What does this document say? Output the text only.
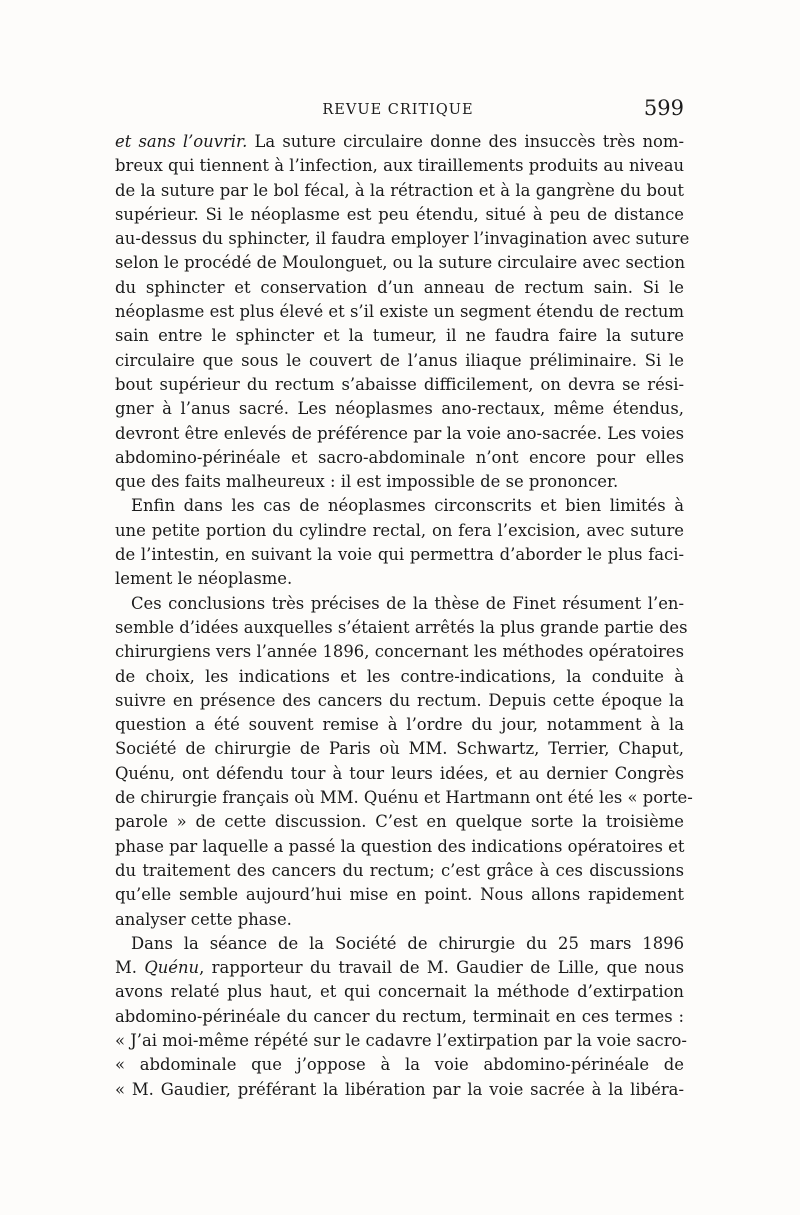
REVUE CRITIQUE	599
et sans l’ouvrir. La suture circulaire donne des insuccès très nom-
breux qui tiennent à l’infection, aux tiraillements produits au niveau
de la suture par le bol fécal, à la rétraction et à la gangrène du bout
supérieur. Si le néoplasme est peu étendu, situé à peu de distance
au-dessus du sphincter, il faudra employer l’invagination avec suture
selon le procédé de Moulonguet, ou la suture circulaire avec section
du sphincter et conservation d’un anneau de rectum sain. Si le
néoplasme est plus élevé et s’il existe un segment étendu de rectum
sain entre le sphincter et la tumeur, il ne faudra faire la suture
circulaire que sous le couvert de l’anus iliaque préliminaire. Si le
bout supérieur du rectum s’abaisse difficilement, on devra se rési-
gner à l’anus sacré. Les néoplasmes ano-rectaux, même étendus,
devront être enlevés de préférence par la voie ano-sacrée. Les voies
abdomino-périnéale et sacro-abdominale n’ont encore pour elles
que des faits malheureux : il est impossible de se prononcer.
Enfin dans les cas de néoplasmes circonscrits et bien limités à
une petite portion du cylindre rectal, on fera l’excision, avec suture
de l’intestin, en suivant la voie qui permettra d’aborder le plus faci-
lement le néoplasme.
Ces conclusions très précises de la thèse de Finet résument l’en-
semble d’idées auxquelles s’étaient arrêtés la plus grande partie des
chirurgiens vers l’année 1896, concernant les méthodes opératoires
de choix, les indications et les contre-indications, la conduite à
suivre en présence des cancers du rectum. Depuis cette époque la
question a été souvent remise à l’ordre du jour, notamment à la
Société de chirurgie de Paris où MM. Schwartz, Terrier, Chaput,
Quénu, ont défendu tour à tour leurs idées, et au dernier Congrès
de chirurgie français où MM. Quénu et Hartmann ont été les « porte-
parole » de cette discussion. C’est en quelque sorte la troisième
phase par laquelle a passé la question des indications opératoires et
du traitement des cancers du rectum; c’est grâce à ces discussions
qu’elle semble aujourd’hui mise en point. Nous allons rapidement
analyser cette phase.
Dans la séance de la Société de chirurgie du 25 mars 1896
M. Quénu, rapporteur du travail de M. Gaudier de Lille, que nous
avons relaté plus haut, et qui concernait la méthode d’extirpation
abdomino-périnéale du cancer du rectum, terminait en ces termes :
« J’ai moi-même répété sur le cadavre l’extirpation par la voie sacro-
« abdominale que j’oppose à la voie abdomino-périnéale de
« M. Gaudier, préférant la libération par la voie sacrée à la libéra-
